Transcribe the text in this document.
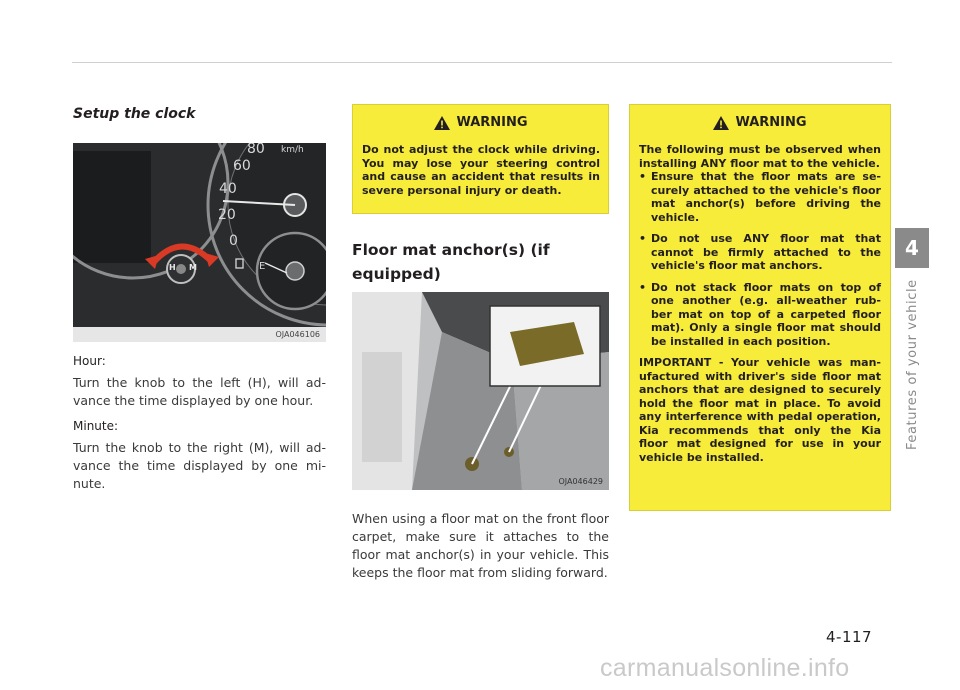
4
Features of your vehicle
Setup the clock
km/h
80
60
40
20
0
H M	E
OJA046106
Hour:
Turn the knob to the left (H), will ad-vance the time displayed by one hour.
Minute:
Turn the knob to the right (M), will ad-vance the time displayed by one mi-nute.
WARNING
Do not adjust the clock while driving. You may lose your steering control and cause an accident that results in severe personal injury or death.
Floor mat anchor(s) (if equipped)
OJA046429
When using a floor mat on the front floor carpet, make sure it attaches to the floor mat anchor(s) in your vehicle. This keeps the floor mat from sliding forward.
WARNING
The following must be observed when installing ANY floor mat to the vehicle.
• Ensure that the floor mats are se-curely attached to the vehicle's floor mat anchor(s) before driving the vehicle.
• Do not use ANY floor mat that cannot be firmly attached to the vehicle's floor mat anchors.
• Do not stack floor mats on top of one another (e.g. all-weather rub-ber mat on top of a carpeted floor mat). Only a single floor mat should be installed in each position.
IMPORTANT - Your vehicle was man-ufactured with driver's side floor mat anchors that are designed to securely hold the floor mat in place. To avoid any interference with pedal operation, Kia recommends that only the Kia floor mat designed for use in your vehicle be installed.
4-117
carmanualsonline.info
